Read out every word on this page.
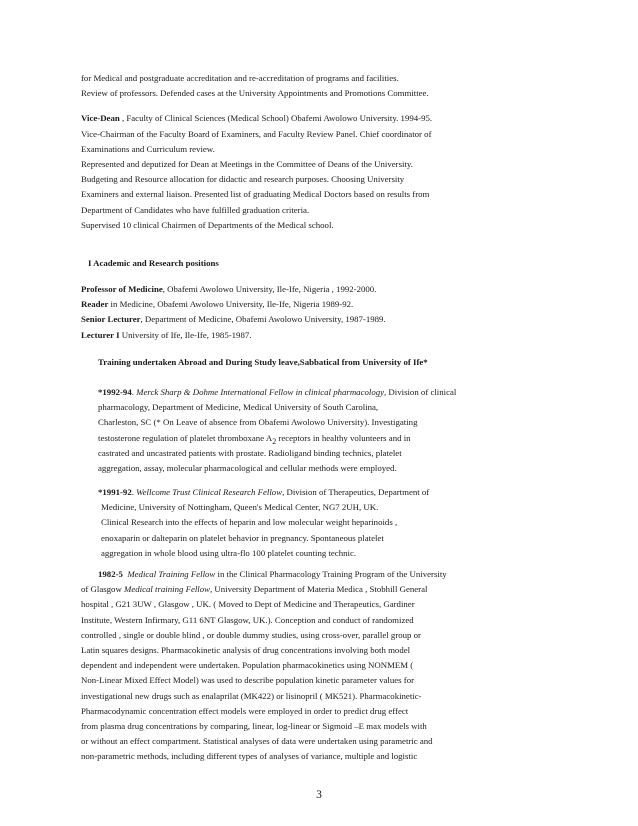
for Medical and postgraduate accreditation and re-accreditation of programs and facilities.
Review of professors. Defended cases at the University Appointments and Promotions Committee.
Vice-Dean , Faculty of Clinical Sciences (Medical School) Obafemi Awolowo University. 1994-95.
Vice-Chairman of the Faculty Board of Examiners, and Faculty Review Panel. Chief coordinator of
Examinations and Curriculum review.
Represented and deputized for Dean at Meetings in the Committee of Deans of the University.
Budgeting and Resource allocation for didactic and research purposes. Choosing University
Examiners and external liaison. Presented list of graduating Medical Doctors based on results from
Department of Candidates who have fulfilled graduation criteria.
Supervised 10 clinical Chairmen of Departments of the Medical school.
I Academic and Research positions
Professor of Medicine, Obafemi Awolowo University, Ile-Ife, Nigeria , 1992-2000.
Reader in Medicine, Obafemi Awolowo University, Ile-Ife, Nigeria 1989-92.
Senior Lecturer, Department of Medicine, Obafemi Awolowo University, 1987-1989.
Lecturer I University of Ife, Ile-Ife, 1985-1987.
Training undertaken Abroad and During Study leave,Sabbatical from University of Ife*
*1992-94. Merck Sharp & Dohme International Fellow in clinical pharmacology, Division of clinical
pharmacology, Department of Medicine, Medical University of South Carolina,
Charleston, SC (* On Leave of absence from Obafemi Awolowo University). Investigating
testosterone regulation of platelet thromboxane $A_2$ receptors in healthy volunteers and in
castrated and uncastrated patients with prostate. Radioligand binding technics, platelet
aggregation, assay, molecular pharmacological and cellular methods were employed.
*1991-92. Wellcome Trust Clinical Research Fellow, Division of Therapeutics, Department of
Medicine, University of Nottingham, Queen's Medical Center, NG7 2UH, UK.
Clinical Research into the effects of heparin and low molecular weight heparinoids ,
enoxaparin or dalteparin on platelet behavior in pregnancy. Spontaneous platelet
aggregation in whole blood using ultra-flo 100 platelet counting technic.
1982-5 Medical Training Fellow in the Clinical Pharmacology Training Program of the University
of Glasgow Medical training Fellow, University Department of Materia Medica , Stobhill General
hospital , G21 3UW , Glasgow , UK. ( Moved to Dept of Medicine and Therapeutics, Gardiner
Institute, Western Infirmary, G11 6NT Glasgow, UK.). Conception and conduct of randomized
controlled , single or double blind , or double dummy studies, using cross-over, parallel group or
Latin squares designs. Pharmacokinetic analysis of drug concentrations involving both model
dependent and independent were undertaken. Population pharmacokinetics using NONMEM (
Non-Linear Mixed Effect Model) was used to describe population kinetic parameter values for
investigational new drugs such as enalaprilat (MK422) or lisinopril ( MK521). Pharmacokinetic-
Pharmacodynamic concentration effect models were employed in order to predict drug effect
from plasma drug concentrations by comparing, linear, log-linear or Sigmoid –E max models with
or without an effect compartment. Statistical analyses of data were undertaken using parametric and
non-parametric methods, including different types of analyses of variance, multiple and logistic
3
